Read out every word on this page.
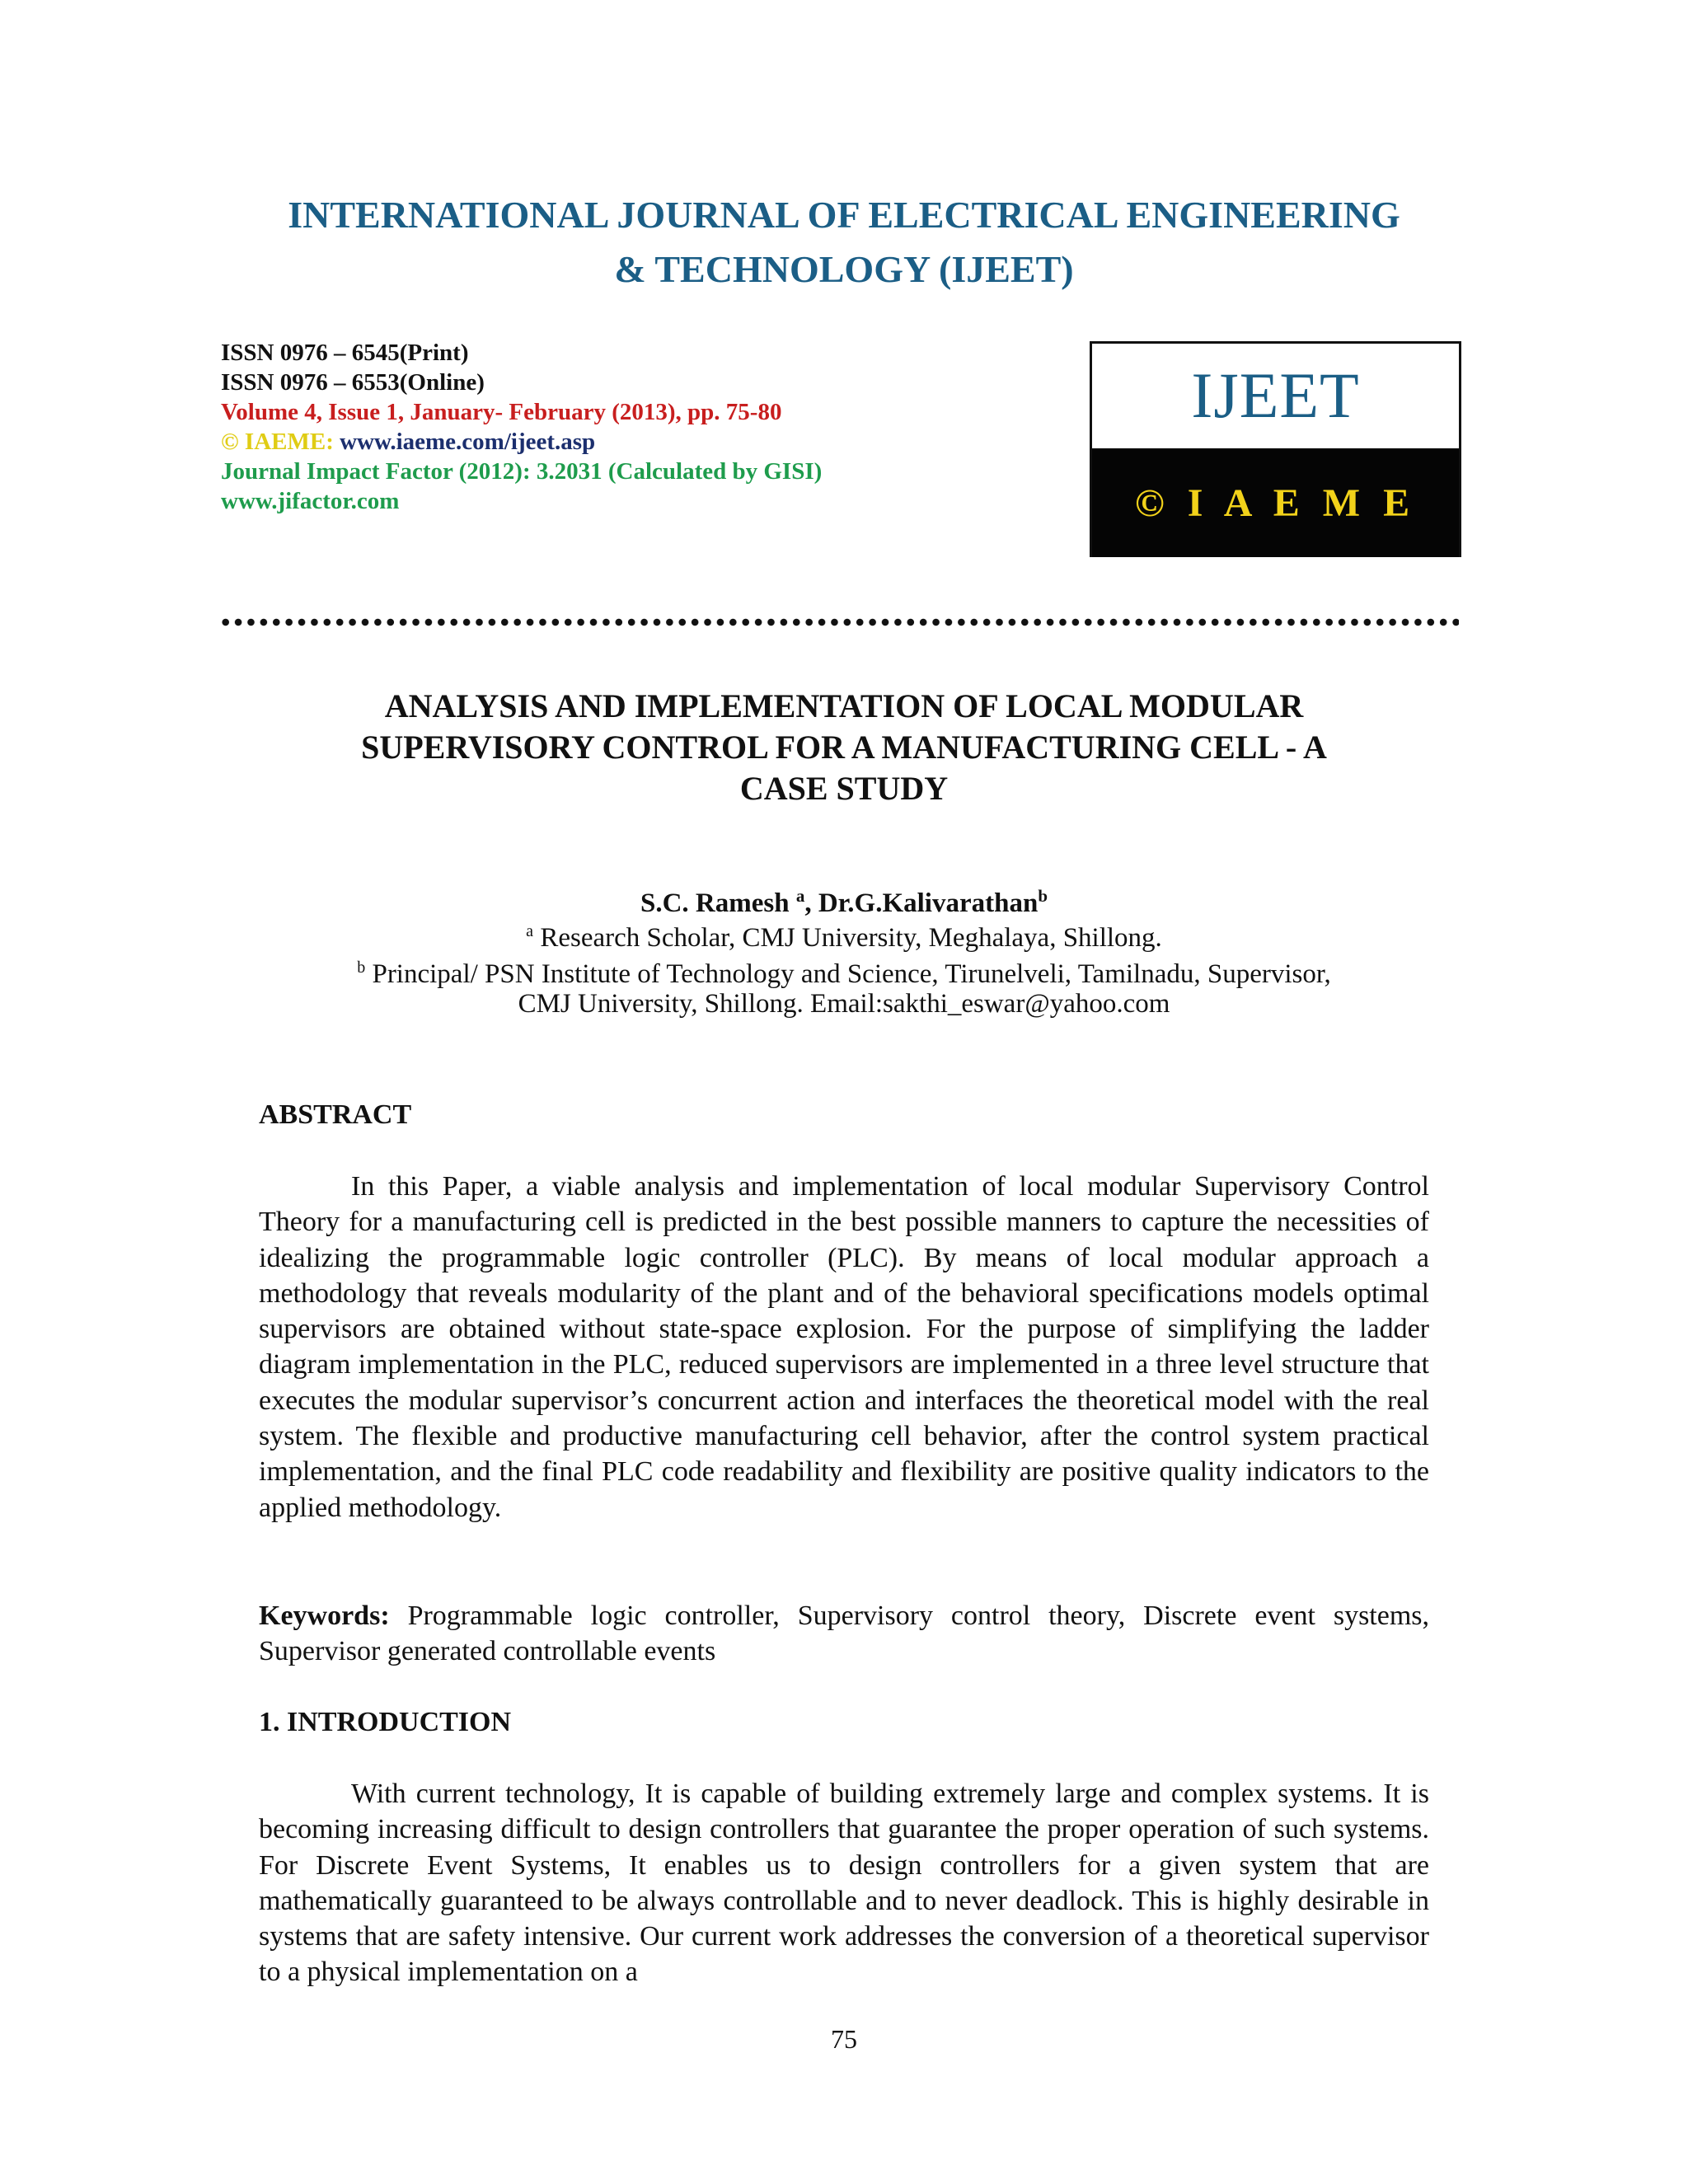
INTERNATIONAL JOURNAL OF ELECTRICAL ENGINEERING
& TECHNOLOGY (IJEET)
ISSN 0976 – 6545(Print)
ISSN 0976 – 6553(Online)
Volume 4, Issue 1, January- February (2013), pp. 75-80
© IAEME: www.iaeme.com/ijeet.asp
Journal Impact Factor (2012): 3.2031 (Calculated by GISI)
www.jifactor.com
IJEET
© I A E M E
ANALYSIS AND IMPLEMENTATION OF LOCAL MODULAR
SUPERVISORY CONTROL FOR A MANUFACTURING CELL - A
CASE STUDY
S.C. Ramesh $^a$, Dr.G.Kalivarathan$^b$
$^a$ Research Scholar, CMJ University, Meghalaya, Shillong.
$^b$ Principal/ PSN Institute of Technology and Science, Tirunelveli, Tamilnadu, Supervisor,
CMJ University, Shillong. Email:sakthi_eswar@yahoo.com
ABSTRACT

In this Paper, a viable analysis and implementation of local modular Supervisory Control Theory for a manufacturing cell is predicted in the best possible manners to capture the necessities of idealizing the programmable logic controller (PLC). By means of local modular approach a methodology that reveals modularity of the plant and of the behavioral specifications models optimal supervisors are obtained without state-space explosion. For the purpose of simplifying the ladder diagram implementation in the PLC, reduced supervisors are implemented in a three level structure that executes the modular supervisor’s concurrent action and interfaces the theoretical model with the real system. The flexible and productive manufacturing cell behavior, after the control system practical implementation, and the final PLC code readability and flexibility are positive quality indicators to the applied methodology.

Keywords: Programmable logic controller, Supervisory control theory, Discrete event systems, Supervisor generated controllable events

1. INTRODUCTION

With current technology, It is capable of building extremely large and complex systems. It is becoming increasing difficult to design controllers that guarantee the proper operation of such systems. For Discrete Event Systems, It enables us to design controllers for a given system that are mathematically guaranteed to be always controllable and to never deadlock. This is highly desirable in systems that are safety intensive. Our current work addresses the conversion of a theoretical supervisor to a physical implementation on a

75
